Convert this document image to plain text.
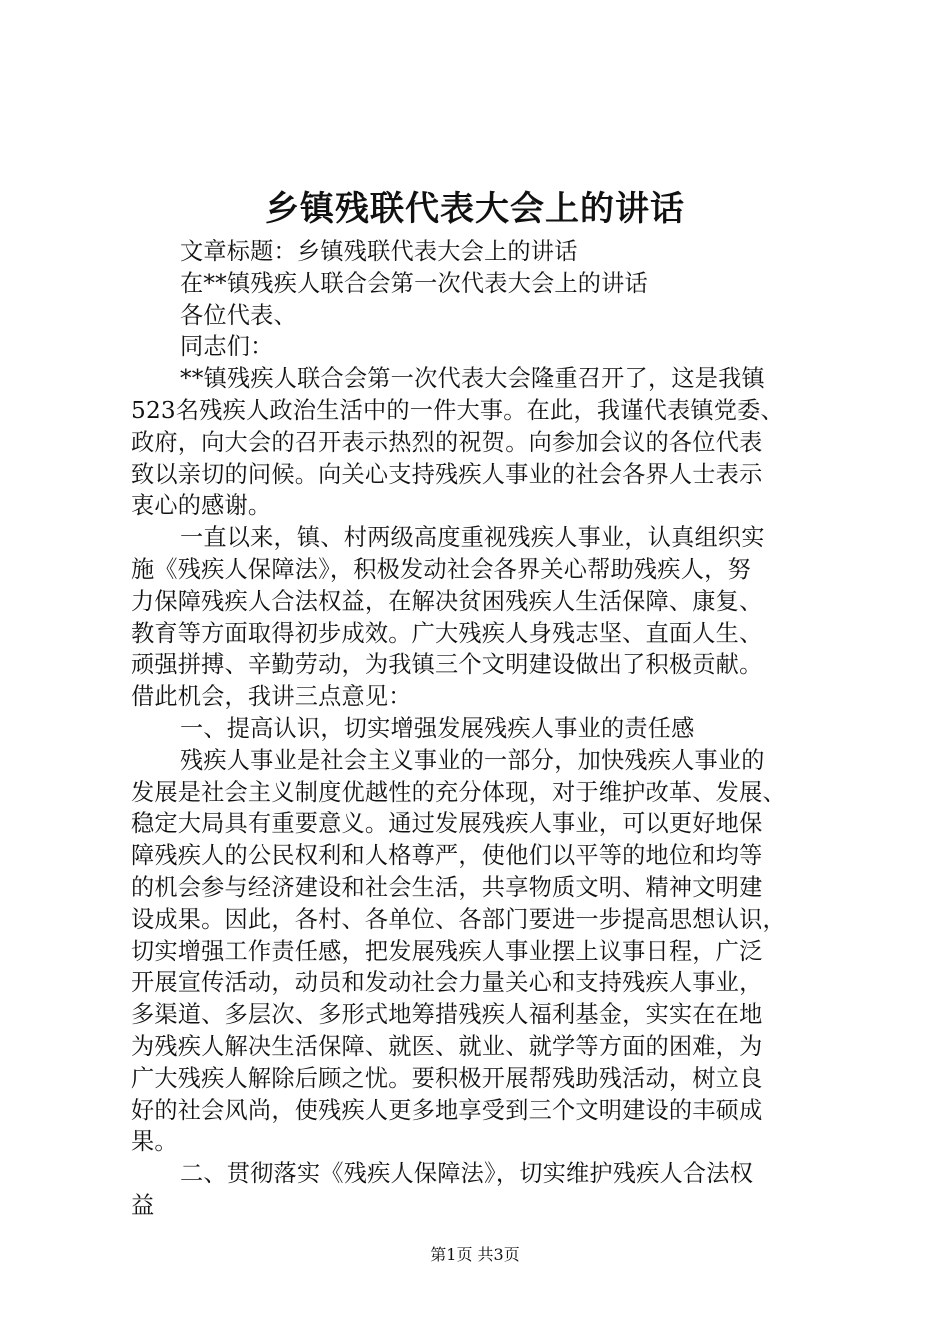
乡镇残联代表大会上的讲话

文章标题：乡镇残联代表大会上的讲话

在**镇残疾人联合会第一次代表大会上的讲话

各位代表、

同志们：

**镇残疾人联合会第一次代表大会隆重召开了，这是我镇

523名残疾人政治生活中的一件大事。在此，我谨代表镇党委、

政府，向大会的召开表示热烈的祝贺。向参加会议的各位代表

致以亲切的问候。向关心支持残疾人事业的社会各界人士表示

衷心的感谢。

一直以来，镇、村两级高度重视残疾人事业，认真组织实

施《残疾人保障法》，积极发动社会各界关心帮助残疾人，努

力保障残疾人合法权益，在解决贫困残疾人生活保障、康复、

教育等方面取得初步成效。广大残疾人身残志坚、直面人生、

顽强拼搏、辛勤劳动，为我镇三个文明建设做出了积极贡献。

借此机会，我讲三点意见：

一、提高认识，切实增强发展残疾人事业的责任感

残疾人事业是社会主义事业的一部分，加快残疾人事业的

发展是社会主义制度优越性的充分体现，对于维护改革、发展、

稳定大局具有重要意义。通过发展残疾人事业，可以更好地保

障残疾人的公民权利和人格尊严，使他们以平等的地位和均等

的机会参与经济建设和社会生活，共享物质文明、精神文明建

设成果。因此，各村、各单位、各部门要进一步提高思想认识，

切实增强工作责任感，把发展残疾人事业摆上议事日程，广泛

开展宣传活动，动员和发动社会力量关心和支持残疾人事业，

多渠道、多层次、多形式地筹措残疾人福利基金，实实在在地

为残疾人解决生活保障、就医、就业、就学等方面的困难，为

广大残疾人解除后顾之忧。要积极开展帮残助残活动，树立良

好的社会风尚，使残疾人更多地享受到三个文明建设的丰硕成

果。

二、贯彻落实《残疾人保障法》，切实维护残疾人合法权

益

第1页 共3页
